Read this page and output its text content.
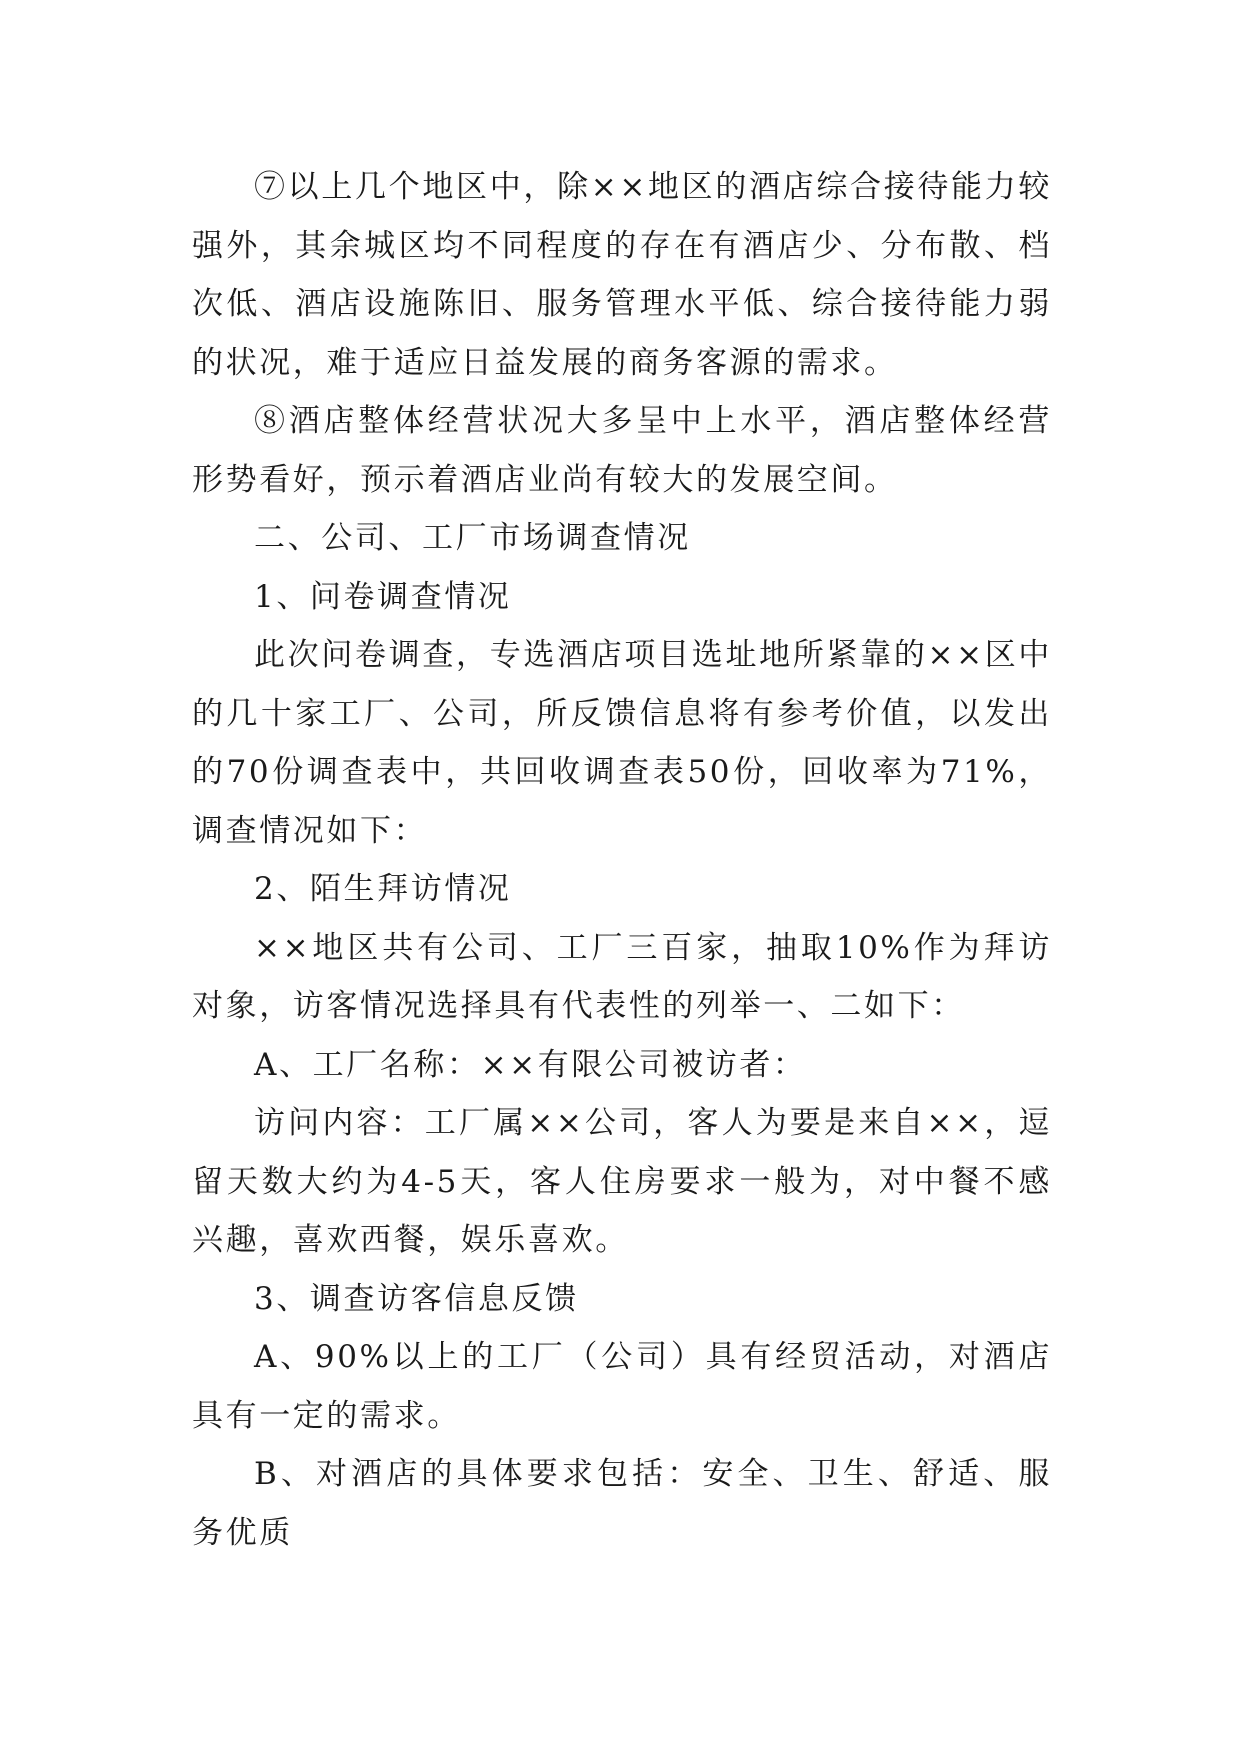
⑦以上几个地区中，除××地区的酒店综合接待能力较强外，其余城区均不同程度的存在有酒店少、分布散、档次低、酒店设施陈旧、服务管理水平低、综合接待能力弱的状况，难于适应日益发展的商务客源的需求。

⑧酒店整体经营状况大多呈中上水平，酒店整体经营形势看好，预示着酒店业尚有较大的发展空间。

二、公司、工厂市场调查情况

1、问卷调查情况

此次问卷调查，专选酒店项目选址地所紧靠的××区中的几十家工厂、公司，所反馈信息将有参考价值，以发出的70份调查表中，共回收调查表50份，回收率为71%，调查情况如下：

2、陌生拜访情况

××地区共有公司、工厂三百家，抽取10%作为拜访对象，访客情况选择具有代表性的列举一、二如下：

A、工厂名称：××有限公司被访者：

访问内容：工厂属××公司，客人为要是来自××，逗留天数大约为4-5天，客人住房要求一般为，对中餐不感兴趣，喜欢西餐，娱乐喜欢。

3、调查访客信息反馈

A、90%以上的工厂（公司）具有经贸活动，对酒店具有一定的需求。

B、对酒店的具体要求包括：安全、卫生、舒适、服务优质
